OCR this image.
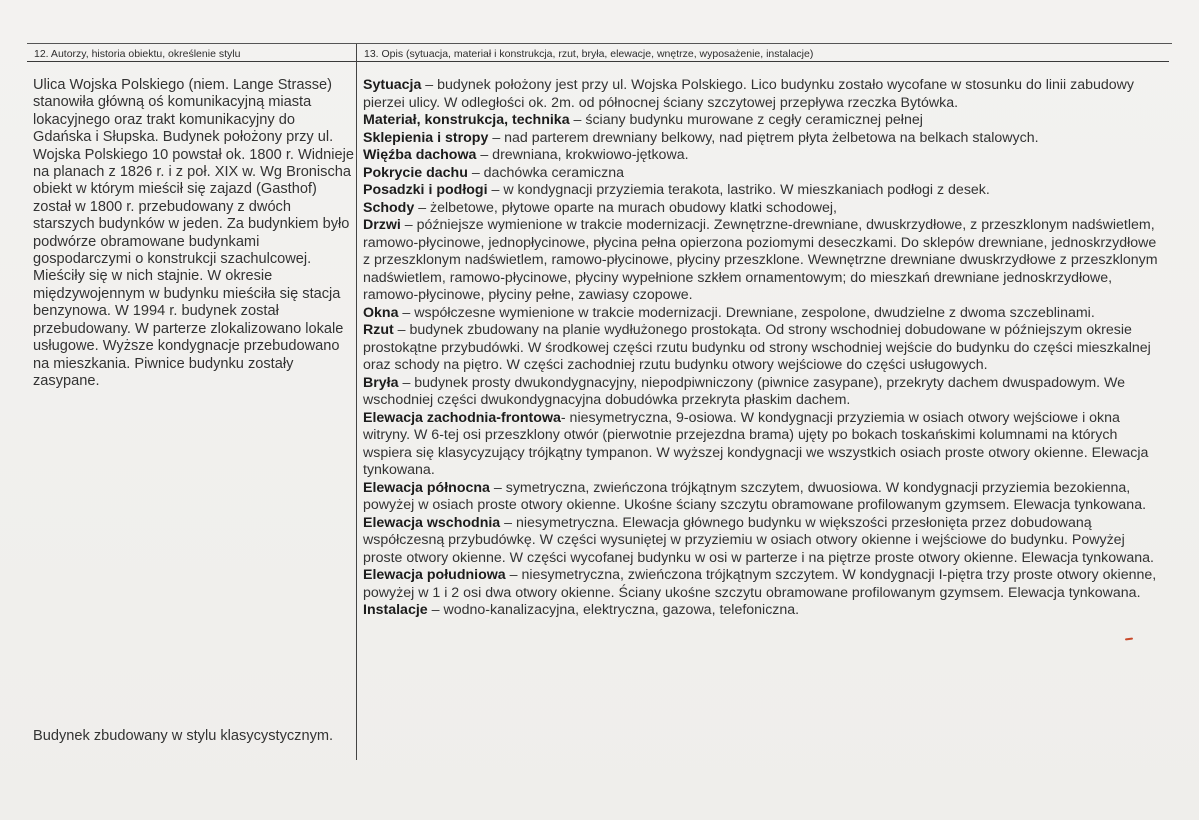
12. Autorzy, historia obiektu, określenie stylu	13. Opis (sytuacja, materiał i konstrukcja, rzut, bryła, elewacje, wnętrze, wyposażenie, instalacje)

Ulica Wojska Polskiego (niem. Lange Strasse) stanowiła główną oś komunikacyjną miasta lokacyjnego oraz trakt komunikacyjny do Gdańska i Słupska. Budynek położony przy ul. Wojska Polskiego 10 powstał ok. 1800 r. Widnieje na planach z 1826 r. i z poł. XIX w. Wg Bronischa obiekt w którym mieścił się zajazd (Gasthof) został w 1800 r. przebudowany z dwóch starszych budynków w jeden. Za budynkiem było podwórze obramowane budynkami gospodarczymi o konstrukcji szachulcowej. Mieściły się w nich stajnie. W okresie międzywojennym w budynku mieściła się stacja benzynowa. W 1994 r. budynek został przebudowany. W parterze zlokalizowano lokale usługowe. Wyższe kondygnacje przebudowano na mieszkania. Piwnice budynku zostały zasypane.

Budynek zbudowany w stylu klasycystycznym.

Sytuacja – budynek położony jest przy ul. Wojska Polskiego. Lico budynku zostało wycofane w stosunku do linii zabudowy pierzei ulicy. W odległości ok. 2m. od północnej ściany szczytowej przepływa rzeczka Bytówka.

Materiał, konstrukcja, technika – ściany budynku murowane z cegły ceramicznej pełnej

Sklepienia i stropy – nad parterem drewniany belkowy, nad piętrem płyta żelbetowa na belkach stalowych.

Więźba dachowa – drewniana, krokwiowo-jętkowa.

Pokrycie dachu – dachówka ceramiczna

Posadzki i podłogi – w kondygnacji przyziemia terakota, lastriko. W mieszkaniach podłogi z desek.

Schody – żelbetowe, płytowe oparte na murach obudowy klatki schodowej,

Drzwi – późniejsze wymienione w trakcie modernizacji. Zewnętrzne-drewniane, dwuskrzydłowe, z przeszklonym nadświetlem, ramowo-płycinowe, jednopłycinowe, płycina pełna opierzona poziomymi deseczkami. Do sklepów drewniane, jednoskrzydłowe z przeszklonym nadświetlem, ramowo-płycinowe, płyciny przeszklone. Wewnętrzne drewniane dwuskrzydłowe z przeszklonym nadświetlem, ramowo-płycinowe, płyciny wypełnione szkłem ornamentowym; do mieszkań drewniane jednoskrzydłowe, ramowo-płycinowe, płyciny pełne, zawiasy czopowe.

Okna – współczesne wymienione w trakcie modernizacji. Drewniane, zespolone, dwudzielne z dwoma szczeblinami.

Rzut – budynek zbudowany na planie wydłużonego prostokąta. Od strony wschodniej dobudowane w późniejszym okresie prostokątne przybudówki. W środkowej części rzutu budynku od strony wschodniej wejście do budynku do części mieszkalnej oraz schody na piętro. W części zachodniej rzutu budynku otwory wejściowe do części usługowych.

Bryła – budynek prosty dwukondygnacyjny, niepodpiwniczony (piwnice zasypane), przekryty dachem dwuspadowym. We wschodniej części dwukondygnacyjna dobudówka przekryta płaskim dachem.

Elewacja zachodnia-frontowa- niesymetryczna, 9-osiowa. W kondygnacji przyziemia w osiach otwory wejściowe i okna witryny. W 6-tej osi przeszklony otwór (pierwotnie przejezdna brama) ujęty po bokach toskańskimi kolumnami na których wspiera się klasycyzujący trójkątny tympanon. W wyższej kondygnacji we wszystkich osiach proste otwory okienne. Elewacja tynkowana.

Elewacja północna – symetryczna, zwieńczona trójkątnym szczytem, dwuosiowa. W kondygnacji przyziemia bezokienna, powyżej w osiach proste otwory okienne. Ukośne ściany szczytu obramowane profilowanym gzymsem. Elewacja tynkowana.

Elewacja wschodnia – niesymetryczna. Elewacja głównego budynku w większości przesłonięta przez dobudowaną współczesną przybudówkę. W części wysuniętej w przyziemiu w osiach otwory okienne i wejściowe do budynku. Powyżej proste otwory okienne. W części wycofanej budynku w osi w parterze i na piętrze proste otwory okienne. Elewacja tynkowana.

Elewacja południowa – niesymetryczna, zwieńczona trójkątnym szczytem. W kondygnacji I-piętra trzy proste otwory okienne, powyżej w 1 i 2 osi dwa otwory okienne. Ściany ukośne szczytu obramowane profilowanym gzymsem. Elewacja tynkowana.

Instalacje – wodno-kanalizacyjna, elektryczna, gazowa, telefoniczna.
